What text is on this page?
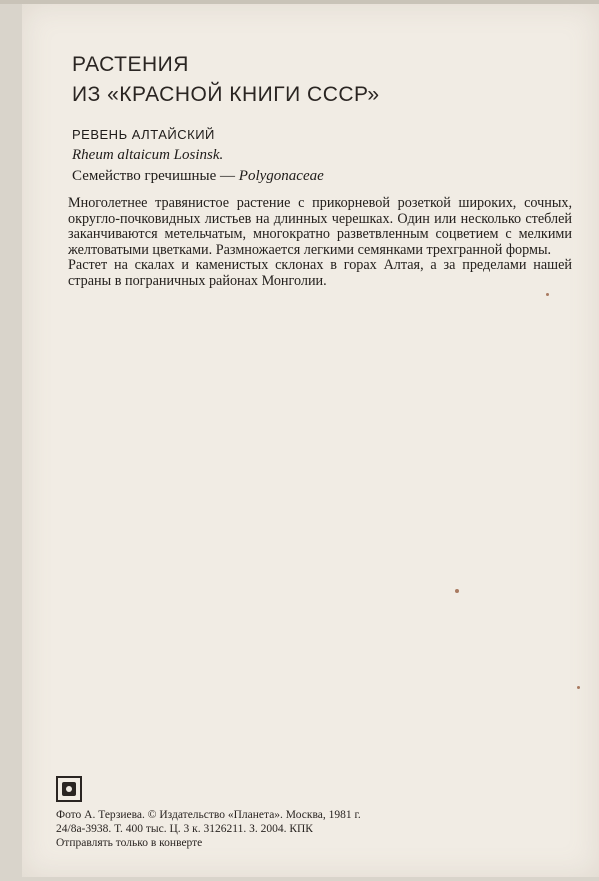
РАСТЕНИЯ
ИЗ «КРАСНОЙ КНИГИ СССР»
РЕВЕНЬ АЛТАЙСКИЙ
Rheum altaicum Losinsk.
Семейство гречишные — Polygonaceae

Многолетнее травянистое растение с прикорневой розеткой широких, сочных, округло-почковидных листьев на длинных черешках. Один или несколько стеблей заканчиваются метельчатым, многократно разветвленным соцветием с мелкими желтоватыми цветками. Размножается легкими семянками трехгранной формы.

Растет на скалах и каменистых склонах в горах Алтая, а за пределами нашей страны в пограничных районах Монголии.

Фото А. Терзиева. © Издательство «Планета». Москва, 1981 г.
24/8а-3938. Т. 400 тыс. Ц. 3 к. 3126211. З. 2004. КПК
Отправлять только в конверте
